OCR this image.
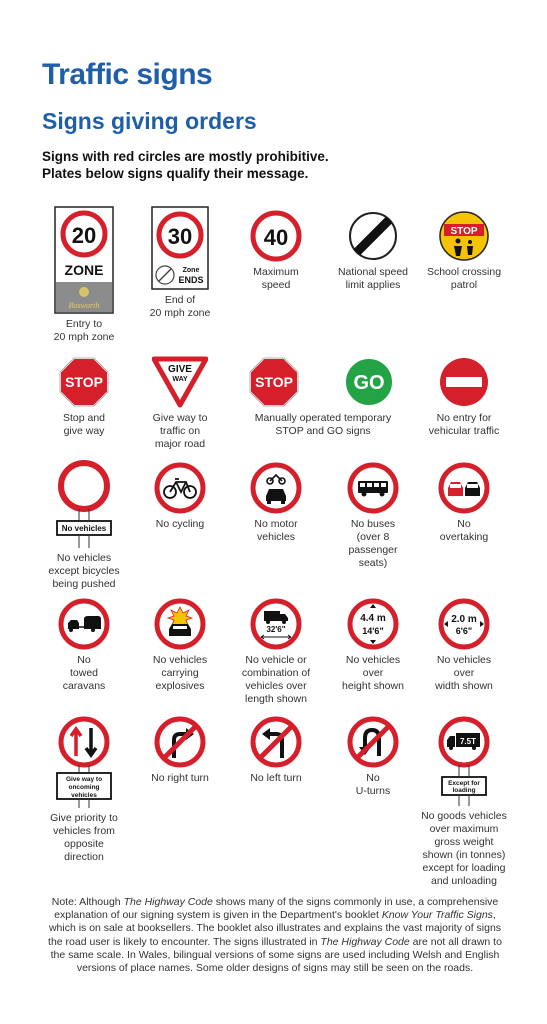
Traffic signs
Signs giving orders
Signs with red circles are mostly prohibitive.
Plates below signs qualify their message.
20
ZONE
Bosworth
Entry to
20 mph zone
30
Zone
ENDS
End of
20 mph zone
40
Maximum
speed
National speed
limit applies
STOP
School crossing
patrol
STOP
Stop and
give way
GIVE
WAY
Give way to
traffic on
major road
STOP	GO
Manually operated temporary
STOP and GO signs
No entry for
vehicular traffic
No vehicles
No vehicles
except bicycles
being pushed
No cycling	No motor
vehicles
No buses
(over 8
passenger
seats)
No
overtaking
No
towed
caravans
No vehicles
carrying
explosives
32'6"
No vehicle or
combination of
vehicles over
length shown
4.4 m
14'6"
No vehicles
over
height shown
2.0 m
6'6"
No vehicles
over
width shown
Give way to
oncoming
vehicles
Give priority to
vehicles from
opposite
direction
No right turn	No left turn	No
U-turns
7.5T
Except for
loading
No goods vehicles
over maximum
gross weight
shown (in tonnes)
except for loading
and unloading
Note: Although The Highway Code shows many of the signs commonly in use, a comprehensive explanation of our signing system is given in the Department's booklet Know Your Traffic Signs, which is on sale at booksellers. The booklet also illustrates and explains the vast majority of signs the road user is likely to encounter. The signs illustrated in The Highway Code are not all drawn to the same scale. In Wales, bilingual versions of some signs are used including Welsh and English versions of place names. Some older designs of signs may still be seen on the roads.
